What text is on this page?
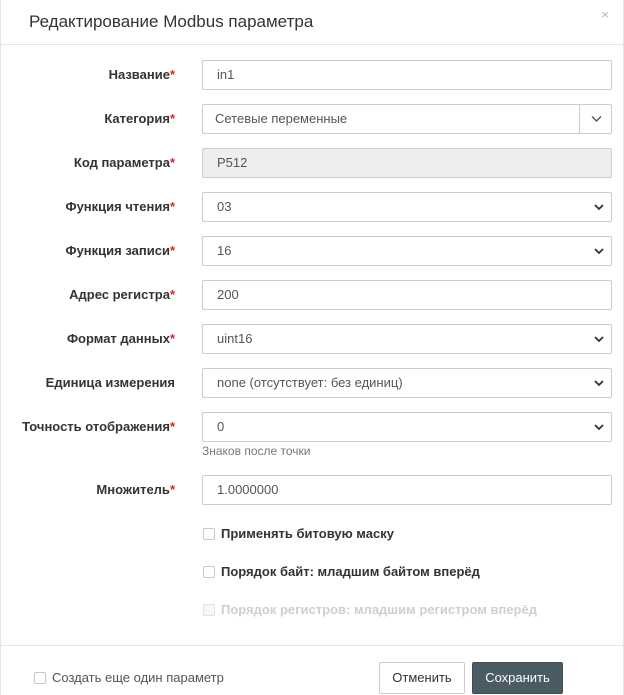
Редактирование Modbus параметра	×
Название*	in1
Категория*	Сетевые переменные
Код параметра*	P512
Функция чтения*	03
Функция записи*	16
Адрес регистра*	200
Формат данных*	uint16
Единица измерения	none (отсутствует: без единиц)
Точность отображения*	0
Знаков после точки
Множитель*	1.0000000
Применять битовую маску
Порядок байт: младшим байтом вперёд
Порядок регистров: младшим регистром вперёд
Создать еще один параметр	Отменить	Сохранить
